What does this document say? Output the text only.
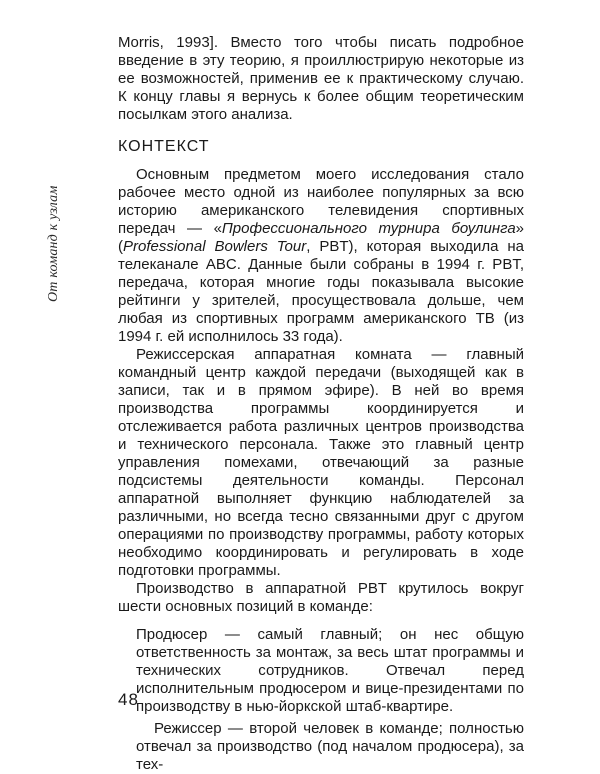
От команд к узлам

Morris, 1993]. Вместо того чтобы писать подробное введение в эту теорию, я проиллюстрирую некоторые из ее возможностей, применив ее к практическому случаю. К концу главы я вернусь к более общим теоретическим посылкам этого анализа.

КОНТЕКСТ

Основным предметом моего исследования стало рабочее место одной из наиболее популярных за всю историю американского телевидения спортивных передач — «Профессионального турнира боулинга» (Professional Bowlers Tour, PBT), которая выходила на телеканале ABC. Данные были собраны в 1994 г. PBT, передача, которая многие годы показывала высокие рейтинги у зрителей, просуществовала дольше, чем любая из спортивных программ американского ТВ (из 1994 г. ей исполнилось 33 года).

Режиссерская аппаратная комната — главный командный центр каждой передачи (выходящей как в записи, так и в прямом эфире). В ней во время производства программы координируется и отслеживается работа различных центров производства и технического персонала. Также это главный центр управления помехами, отвечающий за разные подсистемы деятельности команды. Персонал аппаратной выполняет функцию наблюдателей за различными, но всегда тесно связанными друг с другом операциями по производству программы, работу которых необходимо координировать и регулировать в ходе подготовки программы.

Производство в аппаратной PBT крутилось вокруг шести основных позиций в команде:

Продюсер — самый главный; он нес общую ответственность за монтаж, за весь штат программы и технических сотрудников. Отвечал перед исполнительным продюсером и вице-президентами по производству в нью-йоркской штаб-квартире.

Режиссер — второй человек в команде; полностью отвечал за производство (под началом продюсера), за тех-

48
